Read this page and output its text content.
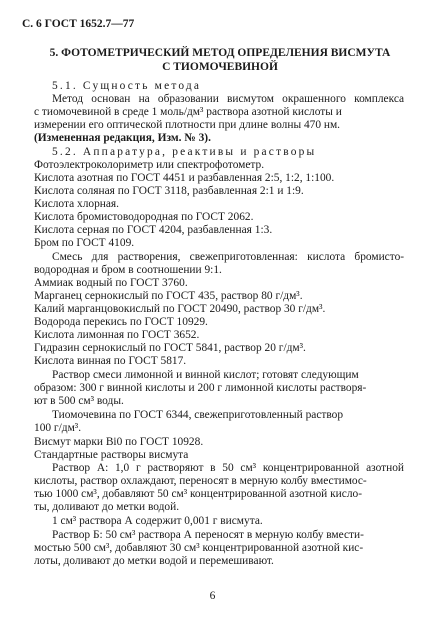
С. 6 ГОСТ 1652.7—77
5. ФОТОМЕТРИЧЕСКИЙ МЕТОД ОПРЕДЕЛЕНИЯ ВИСМУТА
С ТИОМОЧЕВИНОЙ
5.1. Сущность метода
Метод основан на образовании висмутом окрашенного комплекса
с тиомочевиной в среде 1 моль/дм³ раствора азотной кислоты и
измерении его оптической плотности при длине волны 470 нм.
(Измененная редакция, Изм. № 3).
5.2. Аппаратура, реактивы и растворы
Фотоэлектроколориметр или спектрофотометр.
Кислота азотная по ГОСТ 4451 и разбавленная 2:5, 1:2, 1:100.
Кислота соляная по ГОСТ 3118, разбавленная 2:1 и 1:9.
Кислота хлорная.
Кислота бромистоводородная по ГОСТ 2062.
Кислота серная по ГОСТ 4204, разбавленная 1:3.
Бром по ГОСТ 4109.
Смесь для растворения, свежеприготовленная: кислота бромисто-
водородная и бром в соотношении 9:1.
Аммиак водный по ГОСТ 3760.
Марганец сернокислый по ГОСТ 435, раствор 80 г/дм³.
Калий марганцовокислый по ГОСТ 20490, раствор 30 г/дм³.
Водорода перекись по ГОСТ 10929.
Кислота лимонная по ГОСТ 3652.
Гидразин сернокислый по ГОСТ 5841, раствор 20 г/дм³.
Кислота винная по ГОСТ 5817.
Раствор смеси лимонной и винной кислот; готовят следующим
образом: 300 г винной кислоты и 200 г лимонной кислоты растворя-
ют в 500 см³ воды.
Тиомочевина по ГОСТ 6344, свежеприготовленный раствор
100 г/дм³.
Висмут марки Bi0 по ГОСТ 10928.
Стандартные растворы висмута
Раствор А: 1,0 г растворяют в 50 см³ концентрированной азотной
кислоты, раствор охлаждают, переносят в мерную колбу вместимос-
тью 1000 см³, добавляют 50 см³ концентрированной азотной кисло-
ты, доливают до метки водой.
1 см³ раствора А содержит 0,001 г висмута.
Раствор Б: 50 см³ раствора А переносят в мерную колбу вмести-
мостью 500 см³, добавляют 30 см³ концентрированной азотной кис-
лоты, доливают до метки водой и перемешивают.
6
